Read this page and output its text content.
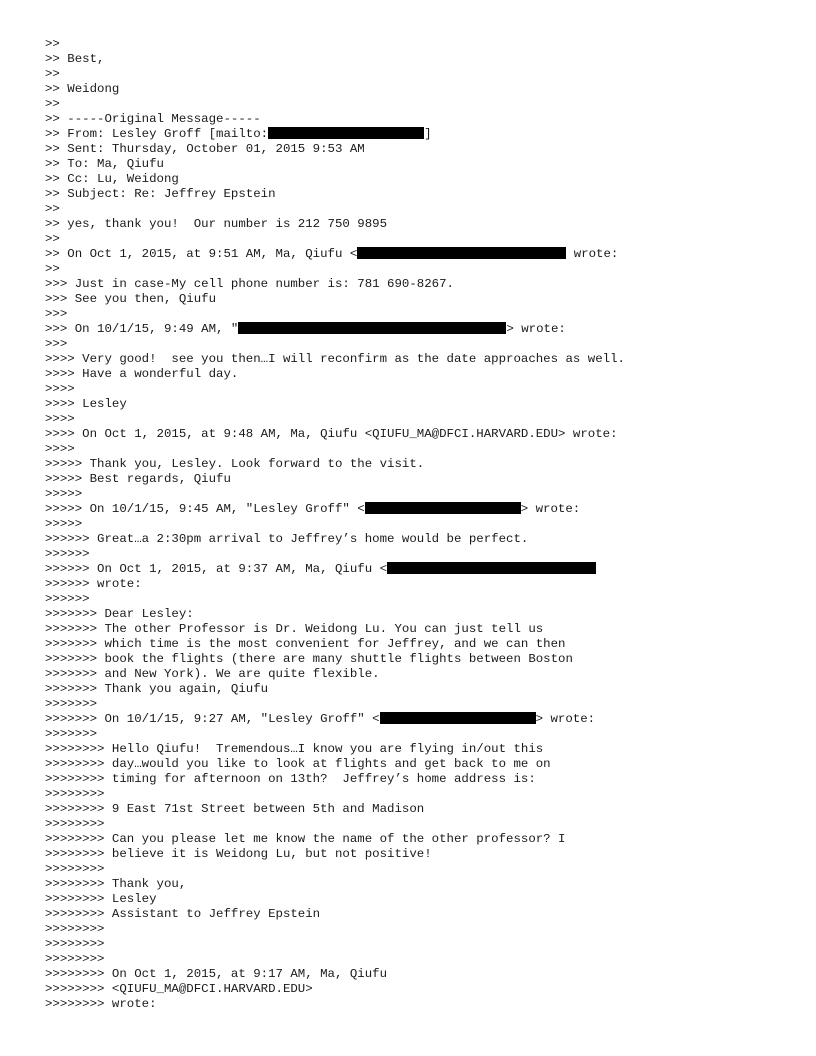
>>
>> Best,
>>
>> Weidong
>>
>> -----Original Message-----
>> From: Lesley Groff [mailto:	]
>> Sent: Thursday, October 01, 2015 9:53 AM
>> To: Ma, Qiufu
>> Cc: Lu, Weidong
>> Subject: Re: Jeffrey Epstein
>>
>> yes, thank you!  Our number is 212 750 9895
>>
>> On Oct 1, 2015, at 9:51 AM, Ma, Qiufu <	wrote:
>>
>>> Just in case-My cell phone number is: 781 690-8267.
>>> See you then, Qiufu
>>>
>>> On 10/1/15, 9:49 AM, "	> wrote:
>>>
>>>> Very good!  see you then…I will reconfirm as the date approaches as well.
>>>> Have a wonderful day.
>>>>
>>>> Lesley
>>>>
>>>> On Oct 1, 2015, at 9:48 AM, Ma, Qiufu <QIUFU_MA@DFCI.HARVARD.EDU> wrote:
>>>>
>>>>> Thank you, Lesley. Look forward to the visit.
>>>>> Best regards, Qiufu
>>>>>
>>>>> On 10/1/15, 9:45 AM, "Lesley Groff" <	> wrote:
>>>>>
>>>>>> Great…a 2:30pm arrival to Jeffrey’s home would be perfect.
>>>>>>
>>>>>> On Oct 1, 2015, at 9:37 AM, Ma, Qiufu <
>>>>>> wrote:
>>>>>>
>>>>>>> Dear Lesley:
>>>>>>> The other Professor is Dr. Weidong Lu. You can just tell us
>>>>>>> which time is the most convenient for Jeffrey, and we can then
>>>>>>> book the flights (there are many shuttle flights between Boston
>>>>>>> and New York). We are quite flexible.
>>>>>>> Thank you again, Qiufu
>>>>>>>
>>>>>>> On 10/1/15, 9:27 AM, "Lesley Groff" <	> wrote:
>>>>>>>
>>>>>>>> Hello Qiufu!  Tremendous…I know you are flying in/out this
>>>>>>>> day…would you like to look at flights and get back to me on
>>>>>>>> timing for afternoon on 13th?  Jeffrey’s home address is:
>>>>>>>>
>>>>>>>> 9 East 71st Street between 5th and Madison
>>>>>>>>
>>>>>>>> Can you please let me know the name of the other professor? I
>>>>>>>> believe it is Weidong Lu, but not positive!
>>>>>>>>
>>>>>>>> Thank you,
>>>>>>>> Lesley
>>>>>>>> Assistant to Jeffrey Epstein
>>>>>>>>
>>>>>>>>
>>>>>>>>
>>>>>>>> On Oct 1, 2015, at 9:17 AM, Ma, Qiufu
>>>>>>>> <QIUFU_MA@DFCI.HARVARD.EDU>
>>>>>>>> wrote:
